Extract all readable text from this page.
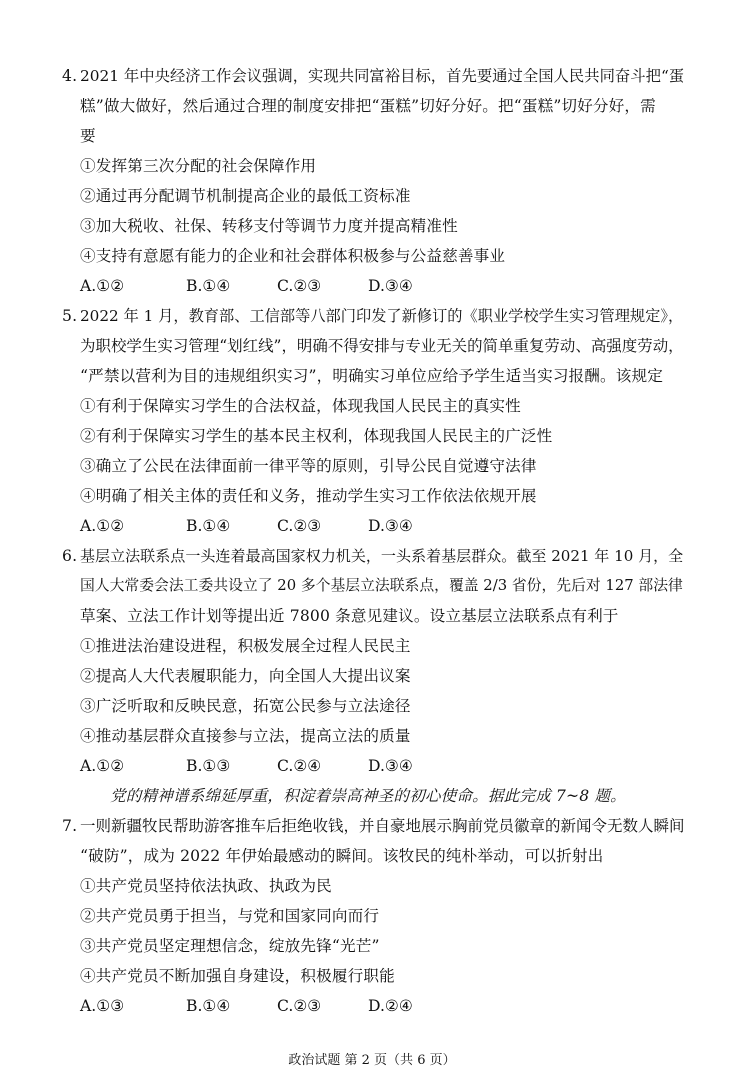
4. 2021 年中央经济工作会议强调，实现共同富裕目标，首先要通过全国人民共同奋斗把“蛋
糕”做大做好，然后通过合理的制度安排把“蛋糕”切好分好。把“蛋糕”切好分好，需
要
①发挥第三次分配的社会保障作用
②通过再分配调节机制提高企业的最低工资标准
③加大税收、社保、转移支付等调节力度并提高精准性
④支持有意愿有能力的企业和社会群体积极参与公益慈善事业
A.①②	B.①④	C.②③	D.③④
5. 2022 年 1 月，教育部、工信部等八部门印发了新修订的《职业学校学生实习管理规定》，
为职校学生实习管理“划红线”，明确不得安排与专业无关的简单重复劳动、高强度劳动，
“严禁以营利为目的违规组织实习”，明确实习单位应给予学生适当实习报酬。该规定
①有利于保障实习学生的合法权益，体现我国人民民主的真实性
②有利于保障实习学生的基本民主权利，体现我国人民民主的广泛性
③确立了公民在法律面前一律平等的原则，引导公民自觉遵守法律
④明确了相关主体的责任和义务，推动学生实习工作依法依规开展
A.①②	B.①④	C.②③	D.③④
6. 基层立法联系点一头连着最高国家权力机关，一头系着基层群众。截至 2021 年 10 月，全
国人大常委会法工委共设立了 20 多个基层立法联系点，覆盖 2/3 省份，先后对 127 部法律
草案、立法工作计划等提出近 7800 条意见建议。设立基层立法联系点有利于
①推进法治建设进程，积极发展全过程人民民主
②提高人大代表履职能力，向全国人大提出议案
③广泛听取和反映民意，拓宽公民参与立法途径
④推动基层群众直接参与立法，提高立法的质量
A.①②	B.①③	C.②④	D.③④
党的精神谱系绵延厚重，积淀着崇高神圣的初心使命。据此完成 7~8 题。
7. 一则新疆牧民帮助游客推车后拒绝收钱，并自豪地展示胸前党员徽章的新闻令无数人瞬间
“破防”，成为 2022 年伊始最感动的瞬间。该牧民的纯朴举动，可以折射出
①共产党员坚持依法执政、执政为民
②共产党员勇于担当，与党和国家同向而行
③共产党员坚定理想信念，绽放先锋“光芒”
④共产党员不断加强自身建设，积极履行职能
A.①③	B.①④	C.②③	D.②④
政治试题 第 2 页（共 6 页）
